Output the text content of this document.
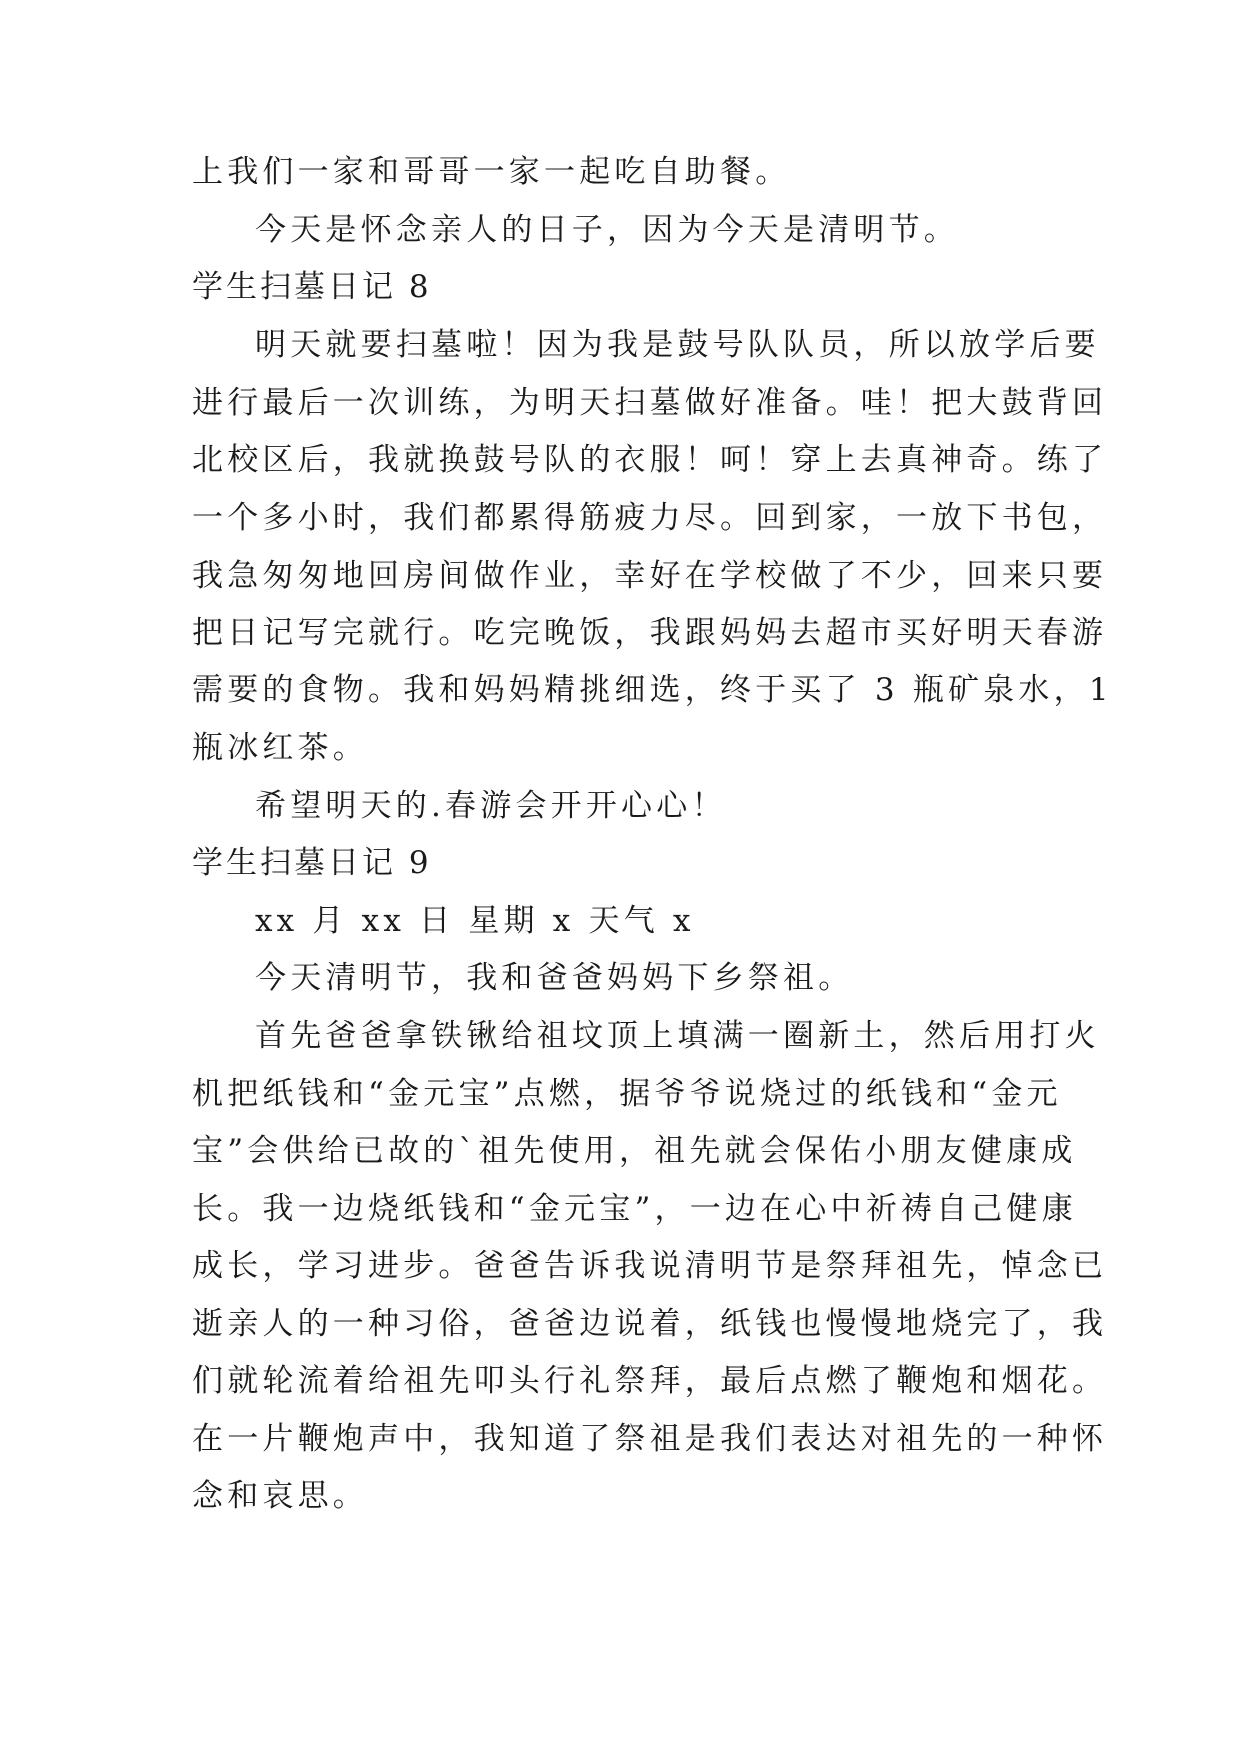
上我们一家和哥哥一家一起吃自助餐。
今天是怀念亲人的日子，因为今天是清明节。
学生扫墓日记 8
明天就要扫墓啦！因为我是鼓号队队员，所以放学后要
进行最后一次训练，为明天扫墓做好准备。哇！把大鼓背回
北校区后，我就换鼓号队的衣服！呵！穿上去真神奇。练了
一个多小时，我们都累得筋疲力尽。回到家，一放下书包，
我急匆匆地回房间做作业，幸好在学校做了不少，回来只要
把日记写完就行。吃完晚饭，我跟妈妈去超市买好明天春游
需要的食物。我和妈妈精挑细选，终于买了 3 瓶矿泉水，1
瓶冰红茶。
希望明天的.春游会开开心心！
学生扫墓日记 9
xx 月 xx 日 星期 x 天气 x
今天清明节，我和爸爸妈妈下乡祭祖。
首先爸爸拿铁锹给祖坟顶上填满一圈新土，然后用打火
机把纸钱和“金元宝”点燃，据爷爷说烧过的纸钱和“金元
宝”会供给已故的`祖先使用，祖先就会保佑小朋友健康成
长。我一边烧纸钱和“金元宝”，一边在心中祈祷自己健康
成长，学习进步。爸爸告诉我说清明节是祭拜祖先，悼念已
逝亲人的一种习俗，爸爸边说着，纸钱也慢慢地烧完了，我
们就轮流着给祖先叩头行礼祭拜，最后点燃了鞭炮和烟花。
在一片鞭炮声中，我知道了祭祖是我们表达对祖先的一种怀
念和哀思。
